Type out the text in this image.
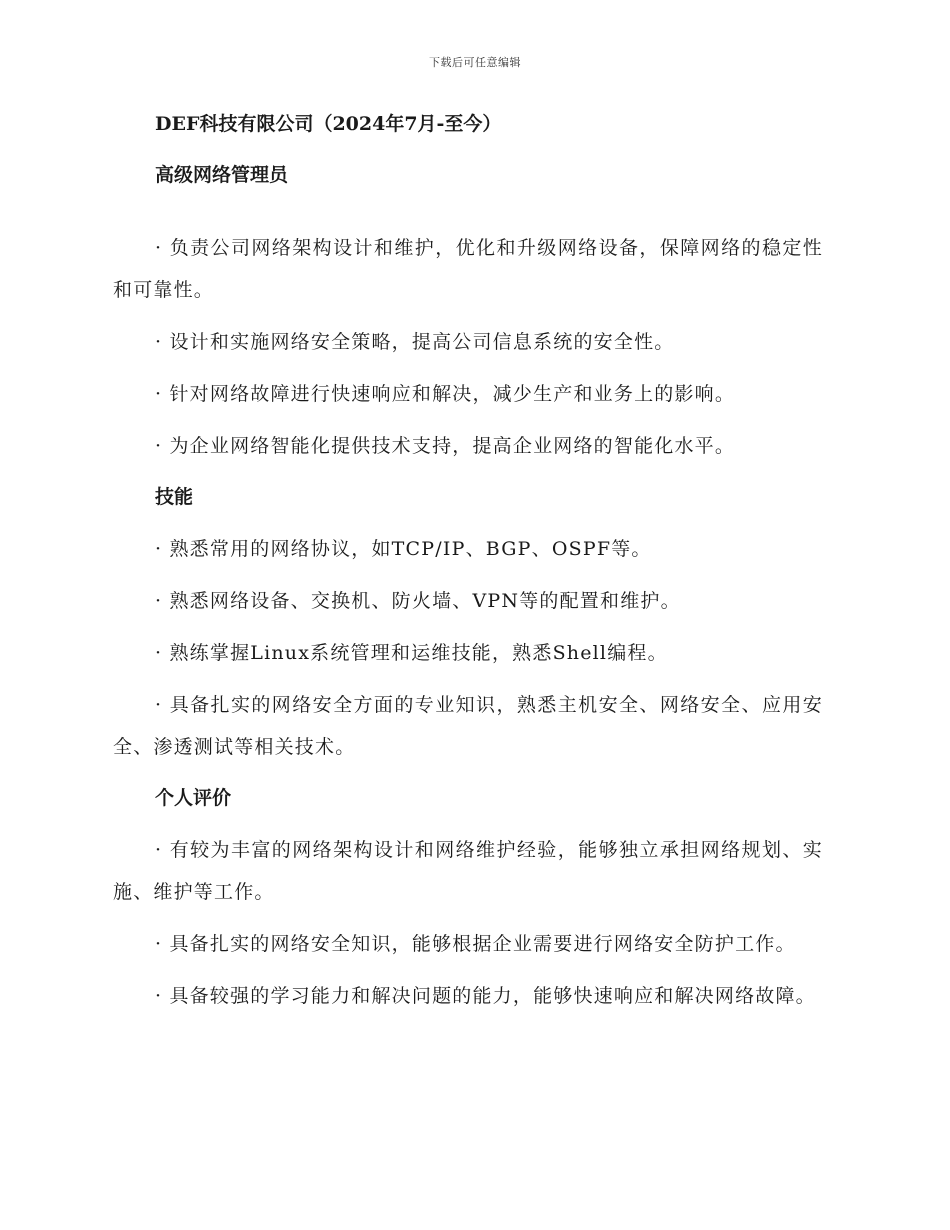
下载后可任意编辑
DEF科技有限公司（2024年7月-至今）
高级网络管理员

· 负责公司网络架构设计和维护，优化和升级网络设备，保障网络的稳定性和可靠性。

· 设计和实施网络安全策略，提高公司信息系统的安全性。

· 针对网络故障进行快速响应和解决，减少生产和业务上的影响。

· 为企业网络智能化提供技术支持，提高企业网络的智能化水平。

技能

· 熟悉常用的网络协议，如TCP/IP、BGP、OSPF等。

· 熟悉网络设备、交换机、防火墙、VPN等的配置和维护。

· 熟练掌握Linux系统管理和运维技能，熟悉Shell编程。

· 具备扎实的网络安全方面的专业知识，熟悉主机安全、网络安全、应用安全、渗透测试等相关技术。

个人评价

· 有较为丰富的网络架构设计和网络维护经验，能够独立承担网络规划、实施、维护等工作。

· 具备扎实的网络安全知识，能够根据企业需要进行网络安全防护工作。

· 具备较强的学习能力和解决问题的能力，能够快速响应和解决网络故障。
